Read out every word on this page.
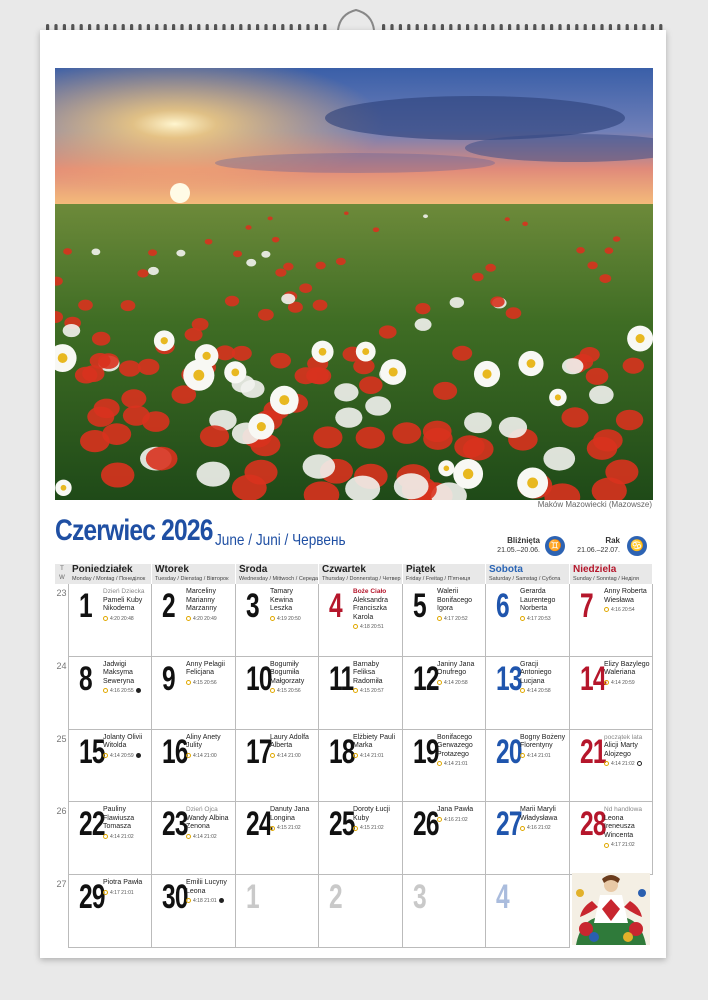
Maków Mazowiecki (Mazowsze)
Czerwiec 2026 June / Juni / Червень	Bliźnięta
21.05.–20.06. ♊	Rak
21.06.–22.07. ♋
T
W
Poniedziałek
Monday / Montag / Понеділок
Wtorek
Tuesday / Dienstag / Вівторок
Środa
Wednesday / Mittwoch / Середа
Czwartek
Thursday / Donnerstag / Четвер
Piątek
Friday / Freitag / П'ятниця
Sobota
Saturday / Samstag / Субота
Niedziela
Sunday / Sonntag / Неділя
23
24
25
26
27
1 Dzień Dziecka
Pameli Kuby Nikodema
4:20 20:48 2 Marceliny Marianny Marzanny
4:20 20:49 3 Tamary Kewina Leszka
4:19 20:50 4 Boże Ciało
Aleksandra Franciszka Karola
4:18 20:51
5 Walerii Bonifacego Igora
4:17 20:52 6 Gerarda Laurentego Norberta
4:17 20:53 7 Anny Roberta Wiesława
4:16 20:54
8 Jadwigi Maksyma Seweryna
4:16 20:55 9 Anny Pelagii Felicjana
4:15 20:56 10
Bogumiły Bogumiła Małgorzaty
4:15 20:56 11 Barnaby Feliksa Radomiła
4:15 20:57 12
Janiny Jana Onufrego
4:14 20:58 13
Gracji Antoniego Lucjana
4:14 20:58 14
Elizy Bazylego Waleriana
4:14 20:59
15
Jolanty Olivii Witolda
4:14 20:59 16
Aliny Anety Julity
4:14 21:00 17
Laury Adolfa Alberta
4:14 21:00 18
Elżbiety Pauli Marka
4:14 21:01 19
Bonifacego Gerwazego Protazego
4:14 21:01 20
Bogny Bożeny Florentyny
4:14 21:01 21
początek lata
Alicji Marty Alojzego
4:14 21:02
22
Pauliny Flawiusza Tomasza
4:14 21:02 23
Dzień Ojca
Wandy Albina Zenona
4:14 21:02 24
Danuty Jana Longina
4:15 21:02 25
Doroty Łucji Kuby
4:15 21:02 26
Jana Pawła
4:16 21:02 27
Marii Maryli Władysława
4:16 21:02 28
Nd handlowa
Leona Ireneusza Wincenta
4:17 21:02
29
Piotra Pawła
4:17 21:01 30
Emilii Lucyny Leona
4:18 21:01 1 2 3 4
